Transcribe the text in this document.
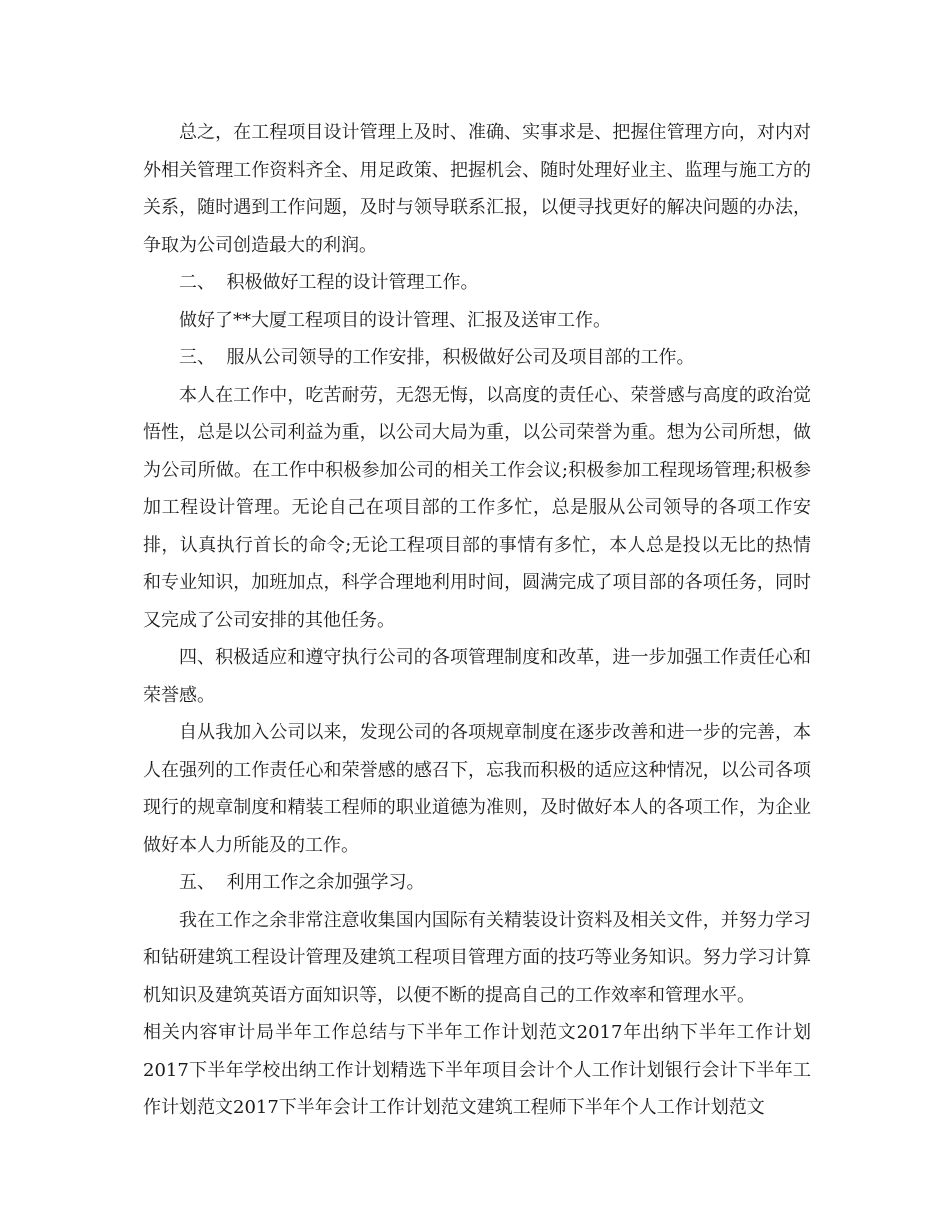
总之，在工程项目设计管理上及时、准确、实事求是、把握住管理方向，对内对外相关管理工作资料齐全、用足政策、把握机会、随时处理好业主、监理与施工方的关系，随时遇到工作问题，及时与领导联系汇报，以便寻找更好的解决问题的办法，争取为公司创造最大的利润。

二、  积极做好工程的设计管理工作。

做好了**大厦工程项目的设计管理、汇报及送审工作。

三、  服从公司领导的工作安排，积极做好公司及项目部的工作。

本人在工作中，吃苦耐劳，无怨无悔，以高度的责任心、荣誉感与高度的政治觉悟性，总是以公司利益为重，以公司大局为重，以公司荣誉为重。想为公司所想，做为公司所做。在工作中积极参加公司的相关工作会议;积极参加工程现场管理;积极参加工程设计管理。无论自己在项目部的工作多忙，总是服从公司领导的各项工作安排，认真执行首长的命令;无论工程项目部的事情有多忙，本人总是投以无比的热情和专业知识，加班加点，科学合理地利用时间，圆满完成了项目部的各项任务，同时又完成了公司安排的其他任务。

四、积极适应和遵守执行公司的各项管理制度和改革，进一步加强工作责任心和荣誉感。

自从我加入公司以来，发现公司的各项规章制度在逐步改善和进一步的完善，本人在强列的工作责任心和荣誉感的感召下，忘我而积极的适应这种情况，以公司各项现行的规章制度和精装工程师的职业道德为准则，及时做好本人的各项工作，为企业做好本人力所能及的工作。

五、  利用工作之余加强学习。

我在工作之余非常注意收集国内国际有关精装设计资料及相关文件，并努力学习和钻研建筑工程设计管理及建筑工程项目管理方面的技巧等业务知识。努力学习计算机知识及建筑英语方面知识等，以便不断的提高自己的工作效率和管理水平。

相关内容审计局半年工作总结与下半年工作计划范文2017年出纳下半年工作计划2017下半年学校出纳工作计划精选下半年项目会计个人工作计划银行会计下半年工作计划范文2017下半年会计工作计划范文建筑工程师下半年个人工作计划范文
